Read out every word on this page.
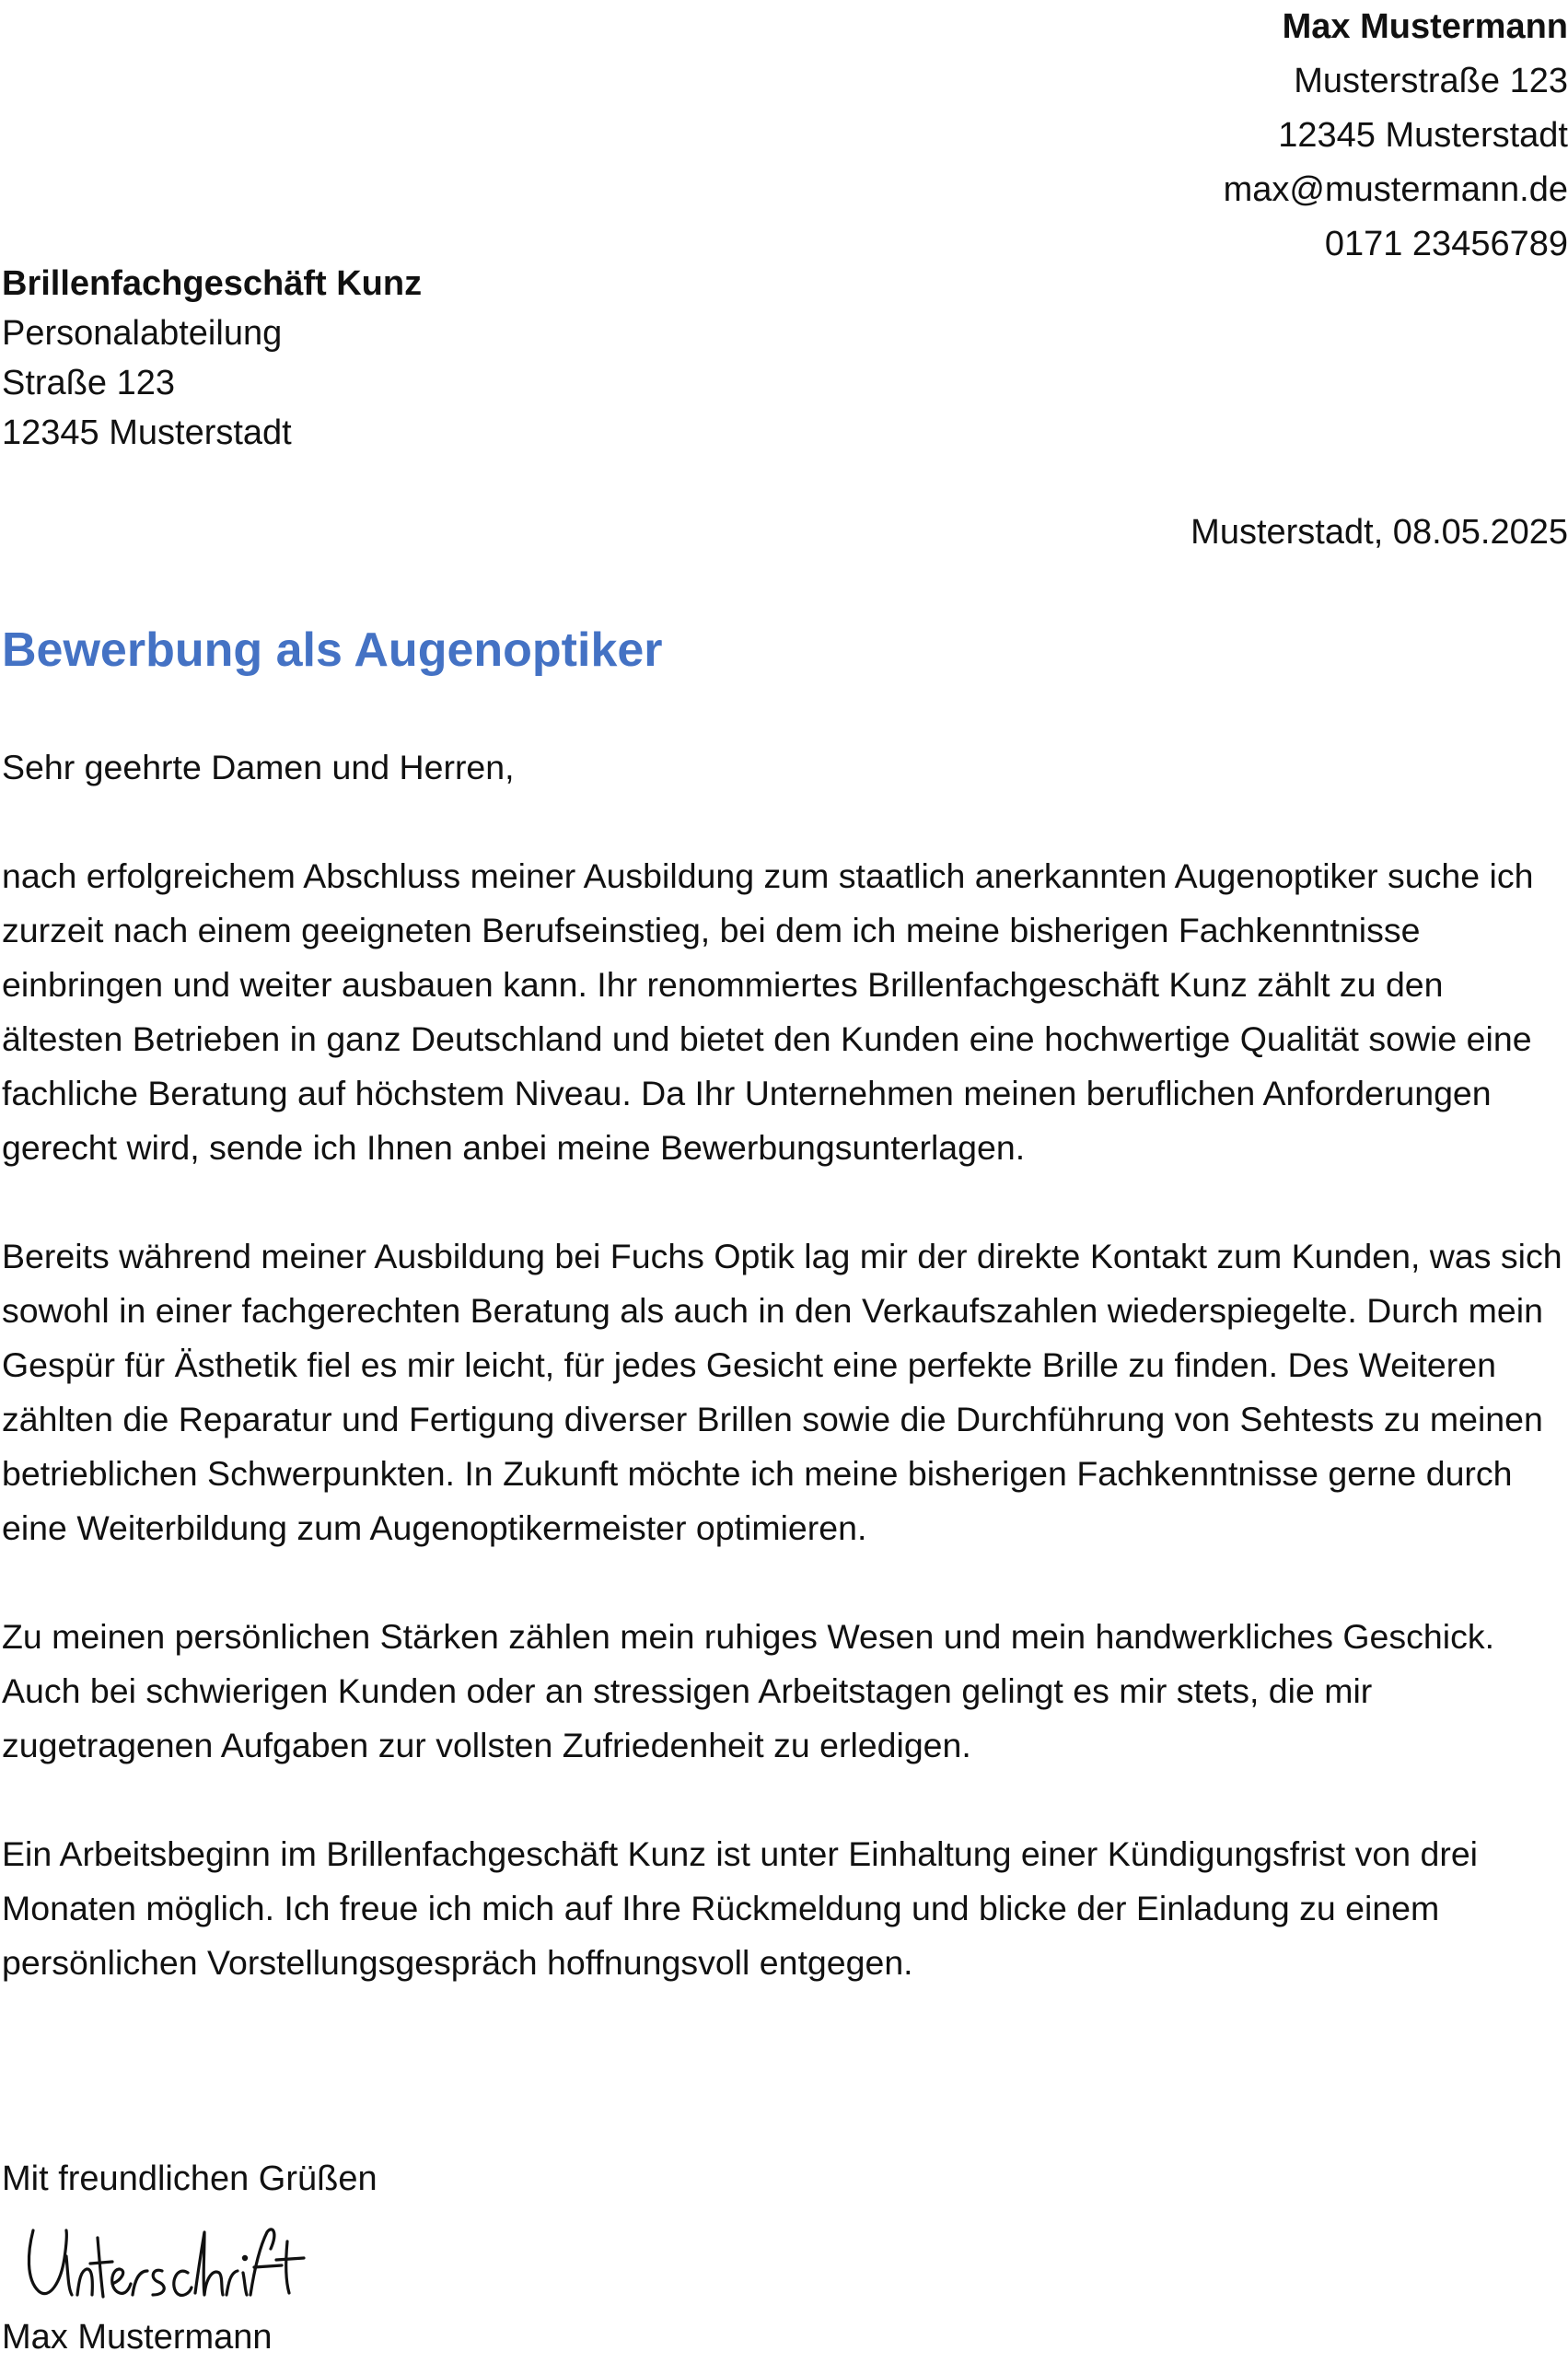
Max Mustermann
Musterstraße 123
12345 Musterstadt
max@mustermann.de
0171 23456789
Brillenfachgeschäft Kunz
Personalabteilung
Straße 123
12345 Musterstadt
Musterstadt, 08.05.2025
Bewerbung als Augenoptiker

Sehr geehrte Damen und Herren,

nach erfolgreichem Abschluss meiner Ausbildung zum staatlich anerkannten Augenoptiker suche ich zurzeit nach einem geeigneten Berufseinstieg, bei dem ich meine bisherigen Fachkenntnisse einbringen und weiter ausbauen kann. Ihr renommiertes Brillenfachgeschäft Kunz zählt zu den ältesten Betrieben in ganz Deutschland und bietet den Kunden eine hochwertige Qualität sowie eine fachliche Beratung auf höchstem Niveau. Da Ihr Unternehmen meinen beruflichen Anforderungen gerecht wird, sende ich Ihnen anbei meine Bewerbungsunterlagen.

Bereits während meiner Ausbildung bei Fuchs Optik lag mir der direkte Kontakt zum Kunden, was sich sowohl in einer fachgerechten Beratung als auch in den Verkaufszahlen wiederspiegelte. Durch mein Gespür für Ästhetik fiel es mir leicht, für jedes Gesicht eine perfekte Brille zu finden. Des Weiteren zählten die Reparatur und Fertigung diverser Brillen sowie die Durchführung von Sehtests zu meinen betrieblichen Schwerpunkten. In Zukunft möchte ich meine bisherigen Fachkenntnisse gerne durch eine Weiterbildung zum Augenoptikermeister optimieren.

Zu meinen persönlichen Stärken zählen mein ruhiges Wesen und mein handwerkliches Geschick. Auch bei schwierigen Kunden oder an stressigen Arbeitstagen gelingt es mir stets, die mir zugetragenen Aufgaben zur vollsten Zufriedenheit zu erledigen.

Ein Arbeitsbeginn im Brillenfachgeschäft Kunz ist unter Einhaltung einer Kündigungsfrist von drei Monaten möglich. Ich freue ich mich auf Ihre Rückmeldung und blicke der Einladung zu einem persönlichen Vorstellungsgespräch hoffnungsvoll entgegen.

Mit freundlichen Grüßen
Max Mustermann
